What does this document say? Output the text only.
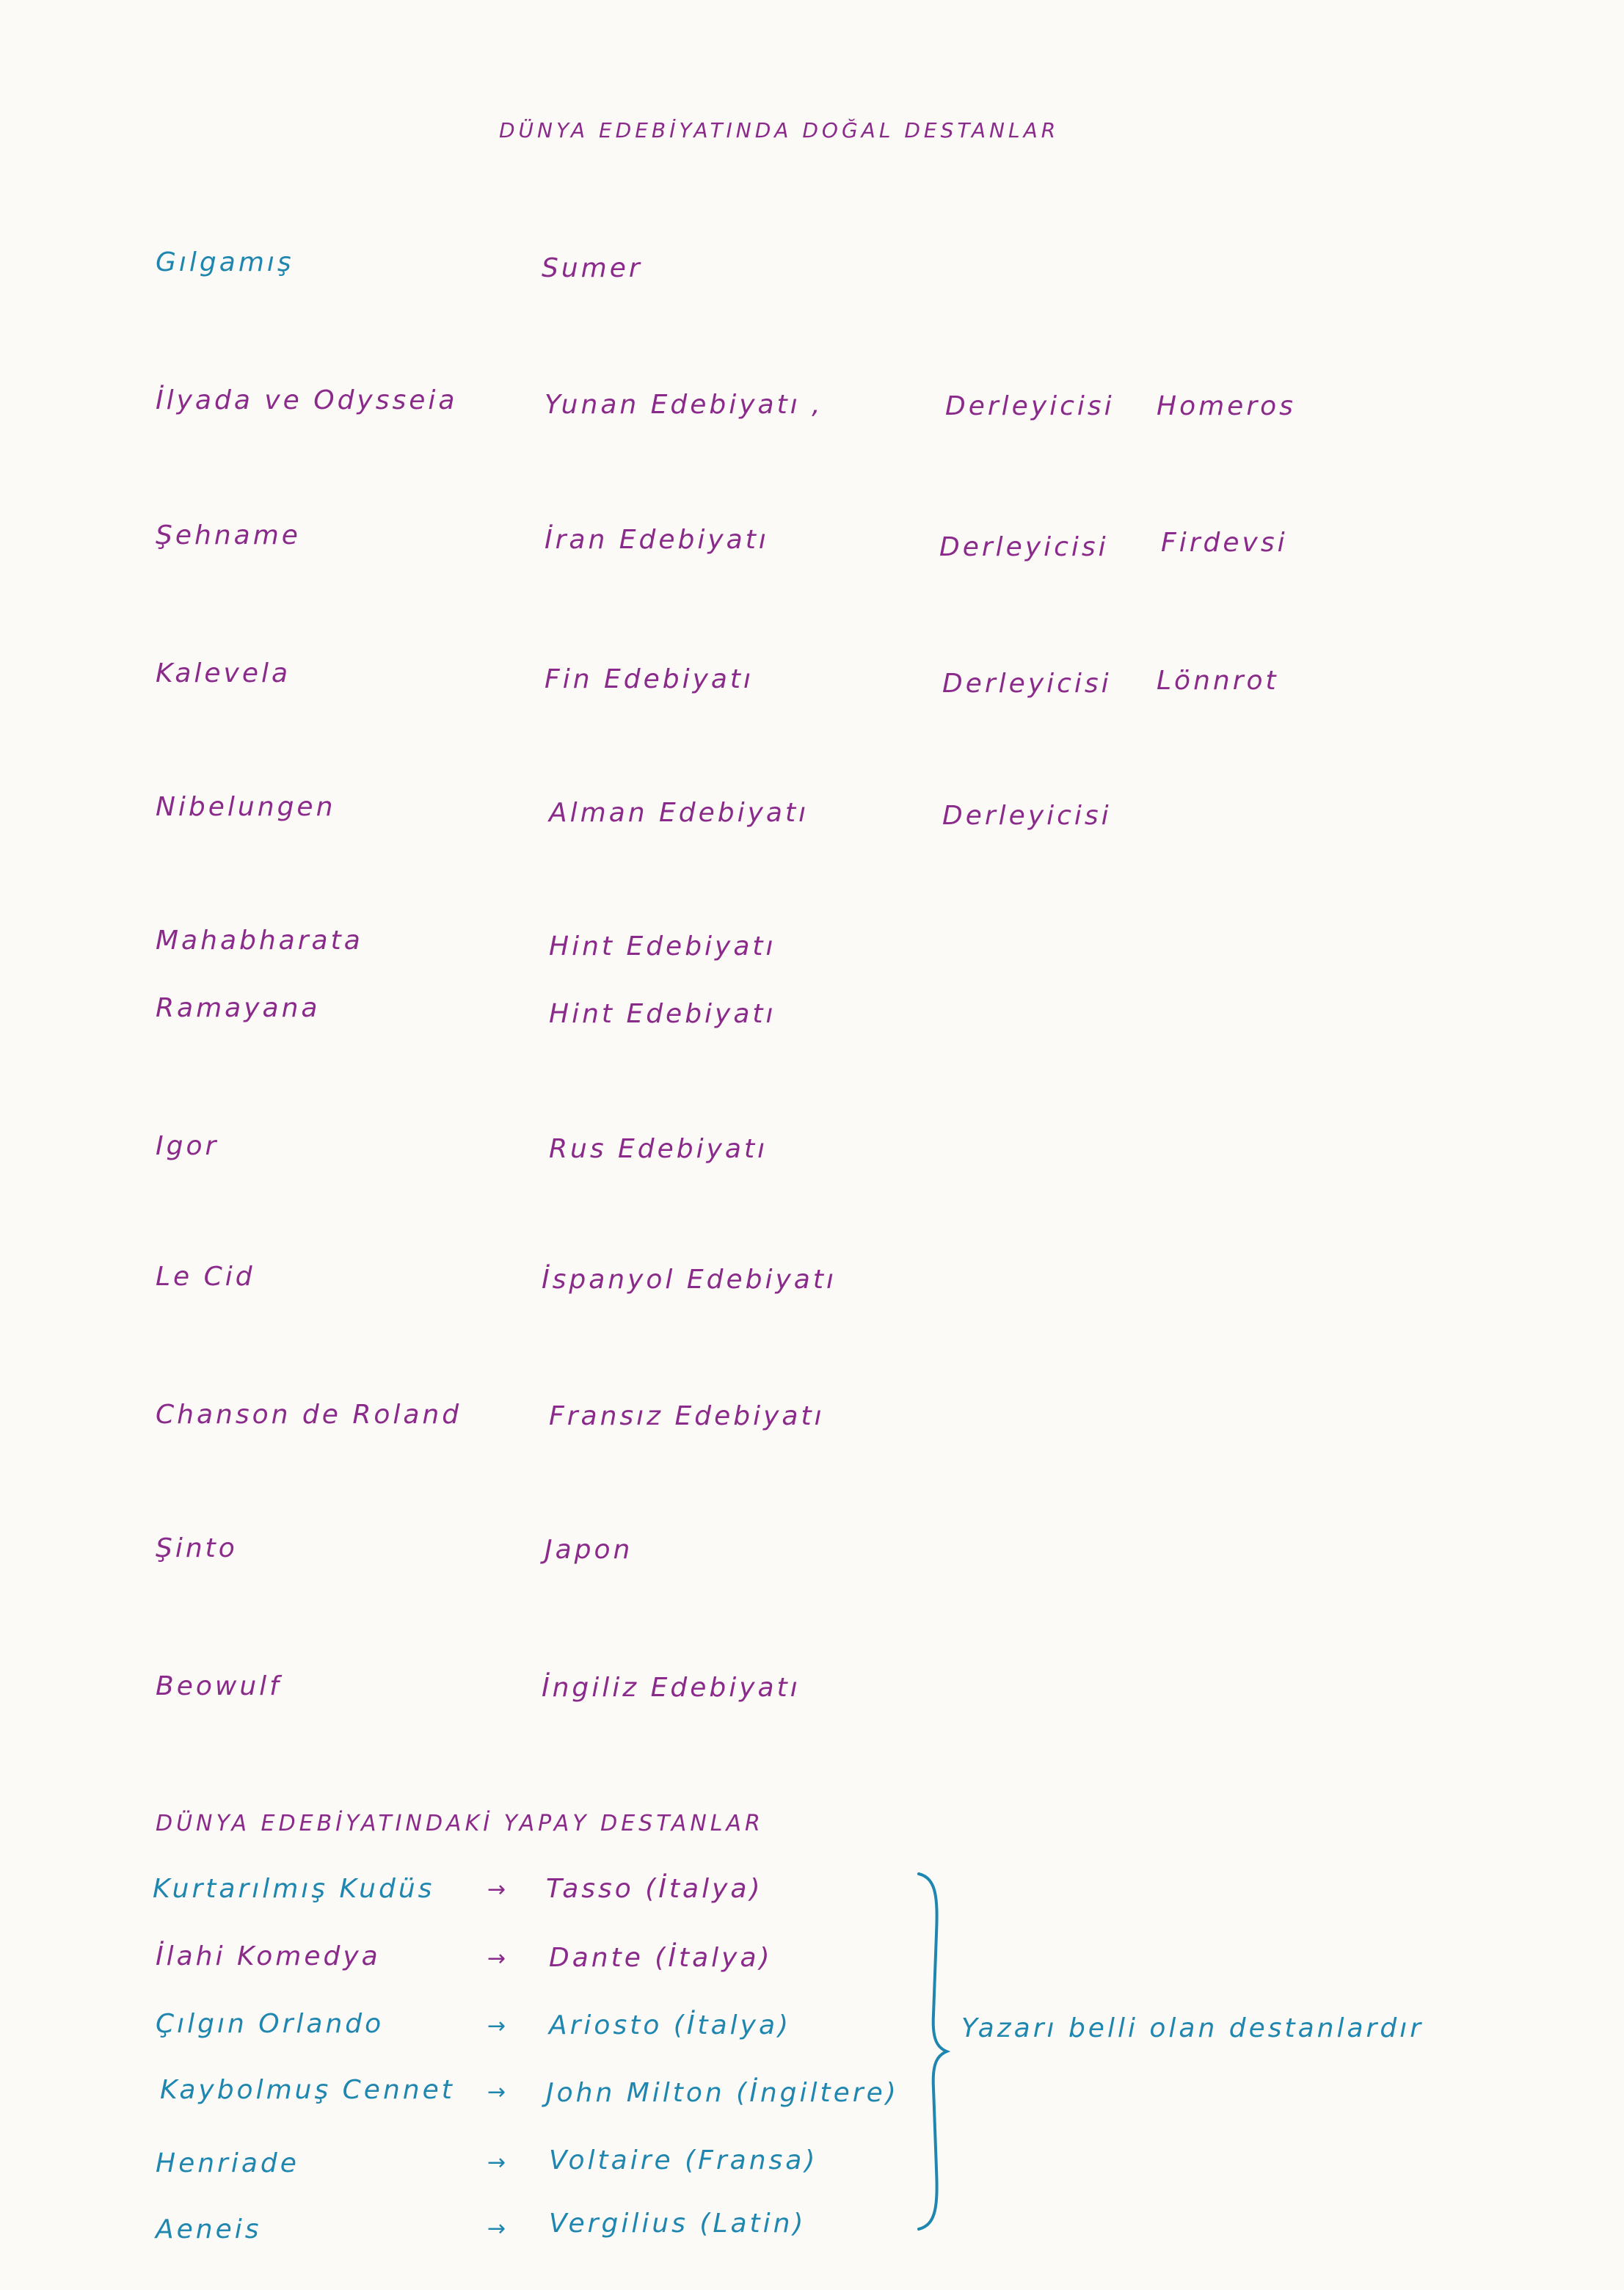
DÜNYA EDEBİYATINDA DOĞAL DESTANLAR
Gılgamış	Sumer
İlyada ve Odysseia	Yunan Edebiyatı ,	Derleyicisi Homeros
Şehname	İran Edebiyatı	Derleyicisi Firdevsi
Kalevela	Fin Edebiyatı	Derleyicisi Lönnrot
Nibelungen	Alman Edebiyatı	Derleyicisi
Mahabharata	Hint Edebiyatı
Ramayana	Hint Edebiyatı
Igor	Rus Edebiyatı
Le Cid	İspanyol Edebiyatı
Chanson de Roland	Fransız Edebiyatı
Şinto	Japon
Beowulf	İngiliz Edebiyatı
DÜNYA EDEBİYATINDAKİ YAPAY DESTANLAR
Kurtarılmış Kudüs → Tasso (İtalya)
İlahi Komedya	→ Dante (İtalya)
Çılgın Orlando	→ Ariosto (İtalya)
Kaybolmuş Cennet → John Milton (İngiltere)
Henriade	→ Voltaire (Fransa)
Aeneis	→ Vergilius (Latin)
Yazarı belli olan destanlardır
